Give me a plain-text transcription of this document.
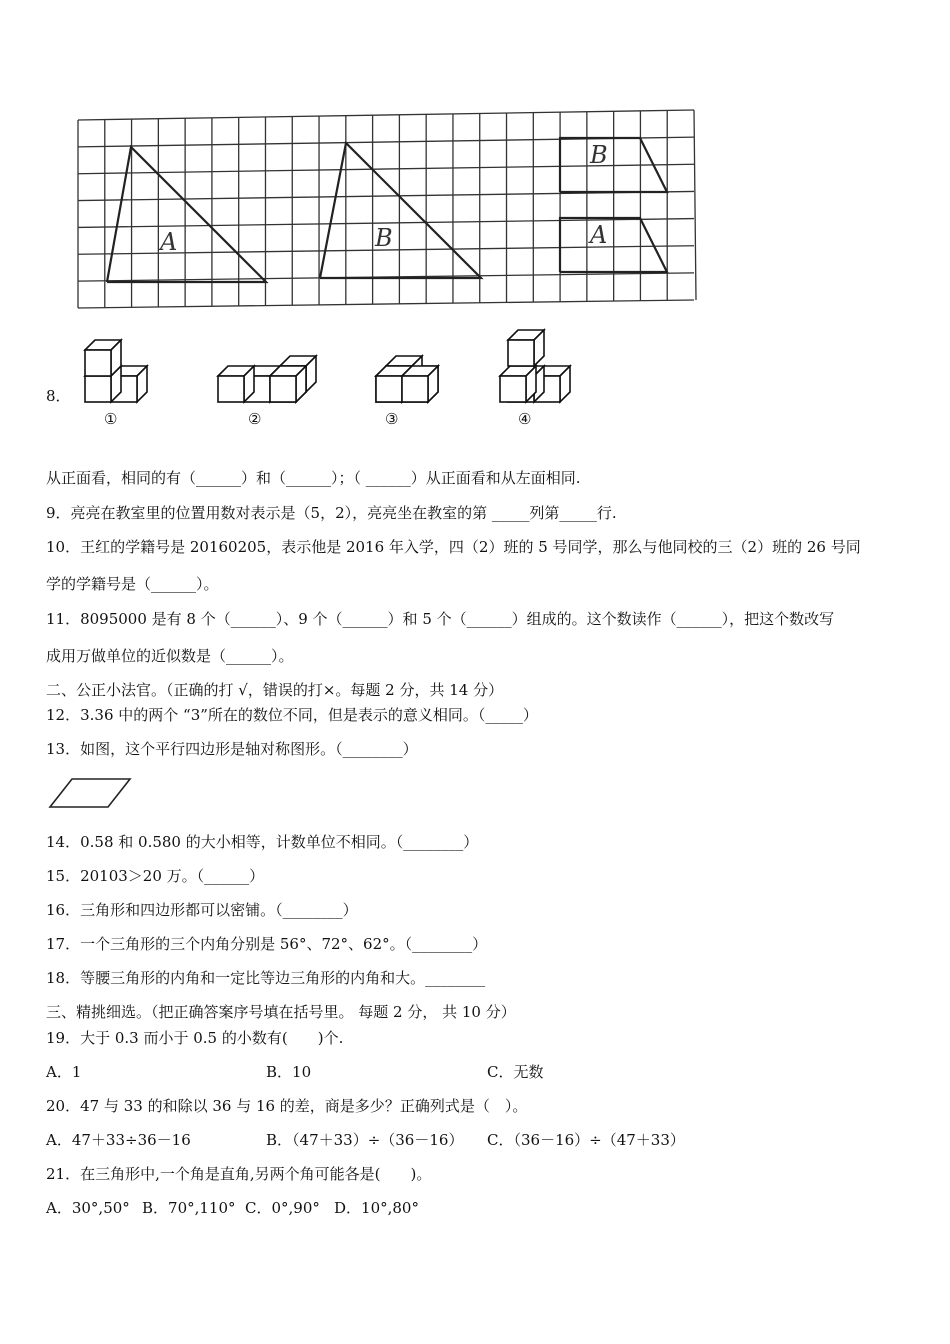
A	B
B
A
8．
①	②	③	④
从正面看，相同的有（______）和（______）；（ ______）从正面看和从左面相同.
9．亮亮在教室里的位置用数对表示是（5，2），亮亮坐在教室的第 _____列第_____行.
10．王红的学籍号是 20160205，表示他是 2016 年入学，四（2）班的 5 号同学，那么与他同校的三（2）班的 26 号同
学的学籍号是（______）。
11．8095000 是有 8 个（______）、9 个（______）和 5 个（______）组成的。这个数读作（______），把这个数改写
成用万做单位的近似数是（______）。
二、公正小法官。（正确的打 √，错误的打×。每题 2 分，共 14 分）
12．3.36 中的两个 “3”所在的数位不同，但是表示的意义相同。（_____）
13．如图，这个平行四边形是轴对称图形。（________）
14．0.58 和 0.580 的大小相等，计数单位不相同。（________）
15．20103＞20 万。（______）
16．三角形和四边形都可以密铺。（________）
17．一个三角形的三个内角分别是 56°、72°、62°。（________）
18．等腰三角形的内角和一定比等边三角形的内角和大。________
三、精挑细选。（把正确答案序号填在括号里。 每题 2 分， 共 10 分）
19．大于 0.3 而小于 0.5 的小数有(　　)个.
A．1	B．10	C．无数
20．47 与 33 的和除以 36 与 16 的差，商是多少？正确列式是（　）。
A．47＋33÷36－16	B．（47＋33）÷（36－16） C．（36－16）÷（47＋33）
21．在三角形中,一个角是直角,另两个角可能各是(　　)。
A．30°,50° B．70°,110° C．0°,90° D．10°,80°
